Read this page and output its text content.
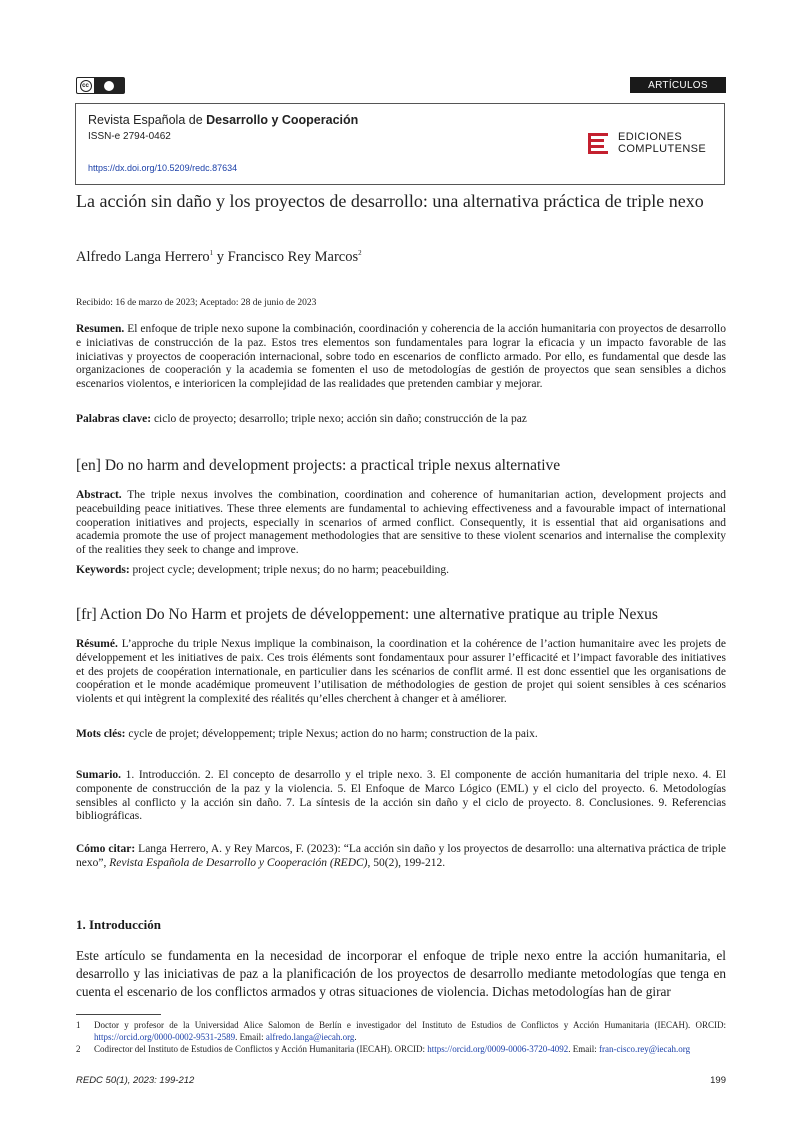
cc	ARTÍCULOS
Revista Española de Desarrollo y Cooperación
ISSN-e 2794-0462
https://dx.doi.org/10.5209/redc.87634
EDICIONES
COMPLUTENSE
La acción sin daño y los proyectos de desarrollo: una alternativa práctica de triple nexo
Alfredo Langa Herrero$^1$ y Francisco Rey Marcos$^2$
Recibido: 16 de marzo de 2023; Aceptado: 28 de junio de 2023
Resumen. El enfoque de triple nexo supone la combinación, coordinación y coherencia de la acción humanitaria con proyectos de desarrollo e iniciativas de construcción de la paz. Estos tres elementos son fundamentales para lograr la eficacia y un impacto favorable de las iniciativas y proyectos de cooperación internacional, sobre todo en escenarios de conflicto armado. Por ello, es fundamental que desde las organizaciones de cooperación y la academia se fomenten el uso de metodologías de gestión de proyectos que sean sensibles a dichos escenarios violentos, e interioricen la complejidad de las realidades que pretenden cambiar y mejorar.
Palabras clave: ciclo de proyecto; desarrollo; triple nexo; acción sin daño; construcción de la paz
[en] Do no harm and development projects: a practical triple nexus alternative
Abstract. The triple nexus involves the combination, coordination and coherence of humanitarian action, development projects and peacebuilding peace initiatives. These three elements are fundamental to achieving effectiveness and a favourable impact of international cooperation initiatives and projects, especially in scenarios of armed conflict. Consequently, it is essential that aid organisations and academia promote the use of project management methodologies that are sensitive to these violent scenarios and internalise the complexity of the realities they seek to change and improve.
Keywords: project cycle; development; triple nexus; do no harm; peacebuilding.
[fr] Action Do No Harm et projets de développement: une alternative pratique au triple Nexus
Résumé. L’approche du triple Nexus implique la combinaison, la coordination et la cohérence de l’action humanitaire avec les projets de développement et les initiatives de paix. Ces trois éléments sont fondamentaux pour assurer l’efficacité et l’impact favorable des initiatives et des projets de coopération internationale, en particulier dans les scénarios de conflit armé. Il est donc essentiel que les organisations de coopération et le monde académique promeuvent l’utilisation de méthodologies de gestion de projet qui soient sensibles à ces scénarios violents et qui intègrent la complexité des réalités qu’elles cherchent à changer et à améliorer.
Mots clés: cycle de projet; développement; triple Nexus; action do no harm; construction de la paix.
Sumario. 1. Introducción. 2. El concepto de desarrollo y el triple nexo. 3. El componente de acción humanitaria del triple nexo. 4. El componente de construcción de la paz y la violencia. 5. El Enfoque de Marco Lógico (EML) y el ciclo del proyecto. 6. Metodologías sensibles al conflicto y la acción sin daño. 7. La síntesis de la acción sin daño y el ciclo de proyecto. 8. Conclusiones. 9. Referencias bibliográficas.
Cómo citar: Langa Herrero, A. y Rey Marcos, F. (2023): “La acción sin daño y los proyectos de desarrollo: una alternativa práctica de triple nexo”, Revista Española de Desarrollo y Cooperación (REDC), 50(2), 199-212.
1. Introducción
Este artículo se fundamenta en la necesidad de incorporar el enfoque de triple nexo entre la acción humanitaria, el desarrollo y las iniciativas de paz a la planificación de los proyectos de desarrollo mediante metodologías que tenga en cuenta el escenario de los conflictos armados y otras situaciones de violencia. Dichas metodologías han de girar
1 Doctor y profesor de la Universidad Alice Salomon de Berlín e investigador del Instituto de Estudios de Conflictos y Acción Humanitaria (IECAH). ORCID: https://orcid.org/0000-0002-9531-2589. Email: alfredo.langa@iecah.org.
2 Codirector del Instituto de Estudios de Conflictos y Acción Humanitaria (IECAH). ORCID: https://orcid.org/0009-0006-3720-4092. Email: fran-cisco.rey@iecah.org
REDC 50(1), 2023: 199-212	199
